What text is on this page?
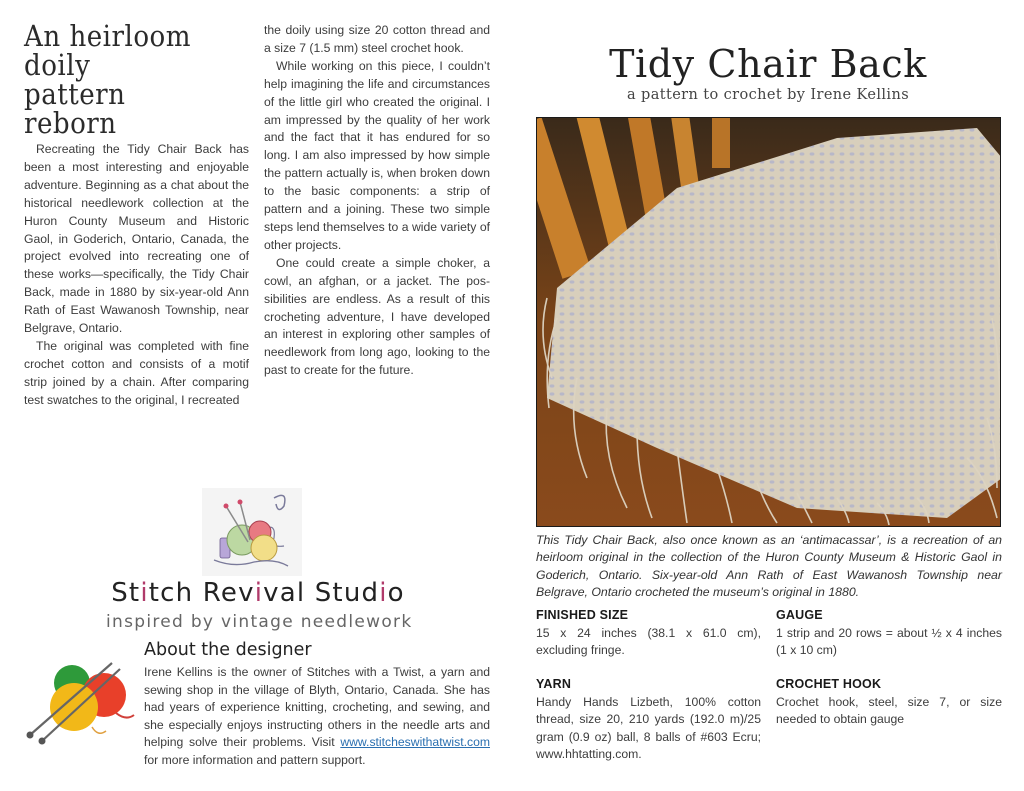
An heirloom
doily
pattern
reborn

Recreating the Tidy Chair Back has been a most interesting and enjoyable adventure. Beginning as a chat about the historical needlework collection at the Huron County Museum and Historic Gaol, in Goderich, Ontario, Canada, the project evolved into recreating one of these works—specifically, the Tidy Chair Back, made in 1880 by six-year-old Ann Rath of East Wawanosh Township, near Belgrave, Ontario.

The original was completed with fine crochet cotton and consists of a motif strip joined by a chain. After comparing test swatches to the original, I recreated

the doily using size 20 cotton thread and a size 7 (1.5 mm) steel crochet hook.

While working on this piece, I couldn’t help imagining the life and circumstances of the little girl who created the original. I am impressed by the quality of her work and the fact that it has endured for so long. I am also impressed by how simple the pattern actually is, when broken down to the basic components: a strip of pattern and a joining. These two simple steps lend themselves to a wide variety of other projects.

One could create a simple choker, a cowl, an afghan, or a jacket. The possibilities are endless. As a result of this crocheting adventure, I have developed an interest in exploring other samples of needlework from long ago, looking to the past to create for the future.

Stitch Revival Studio
inspired by vintage needlework
About the designer
Irene Kellins is the owner of Stitches with a Twist, a yarn and sewing shop in the village of Blyth, Ontario, Canada. She has had years of experience knitting, crocheting, and sewing, and she especially enjoys instructing others in the needle arts and helping solve their problems. Visit www.stitcheswithatwist.com for more information and pattern support.
Tidy Chair Back
a pattern to crochet by Irene Kellins
This Tidy Chair Back, also once known as an ‘antimacassar’, is a recreation of an heirloom original in the collection of the Huron County Museum & Historic Gaol in Goderich, Ontario. Six-year-old Ann Rath of East Wawanosh Township near Belgrave, Ontario crocheted the museum’s original in 1880.
FINISHED SIZE
15 x 24 inches (38.1 x 61.0 cm), excluding fringe.
GAUGE
1 strip and 20 rows = about ½ x 4 inches (1 x 10 cm)
YARN
Handy Hands Lizbeth, 100% cotton thread, size 20, 210 yards (192.0 m)/25 gram (0.9 oz) ball, 8 balls of #603 Ecru; www.hhtatting.com.
CROCHET HOOK
Crochet hook, steel, size 7, or size needed to obtain gauge
